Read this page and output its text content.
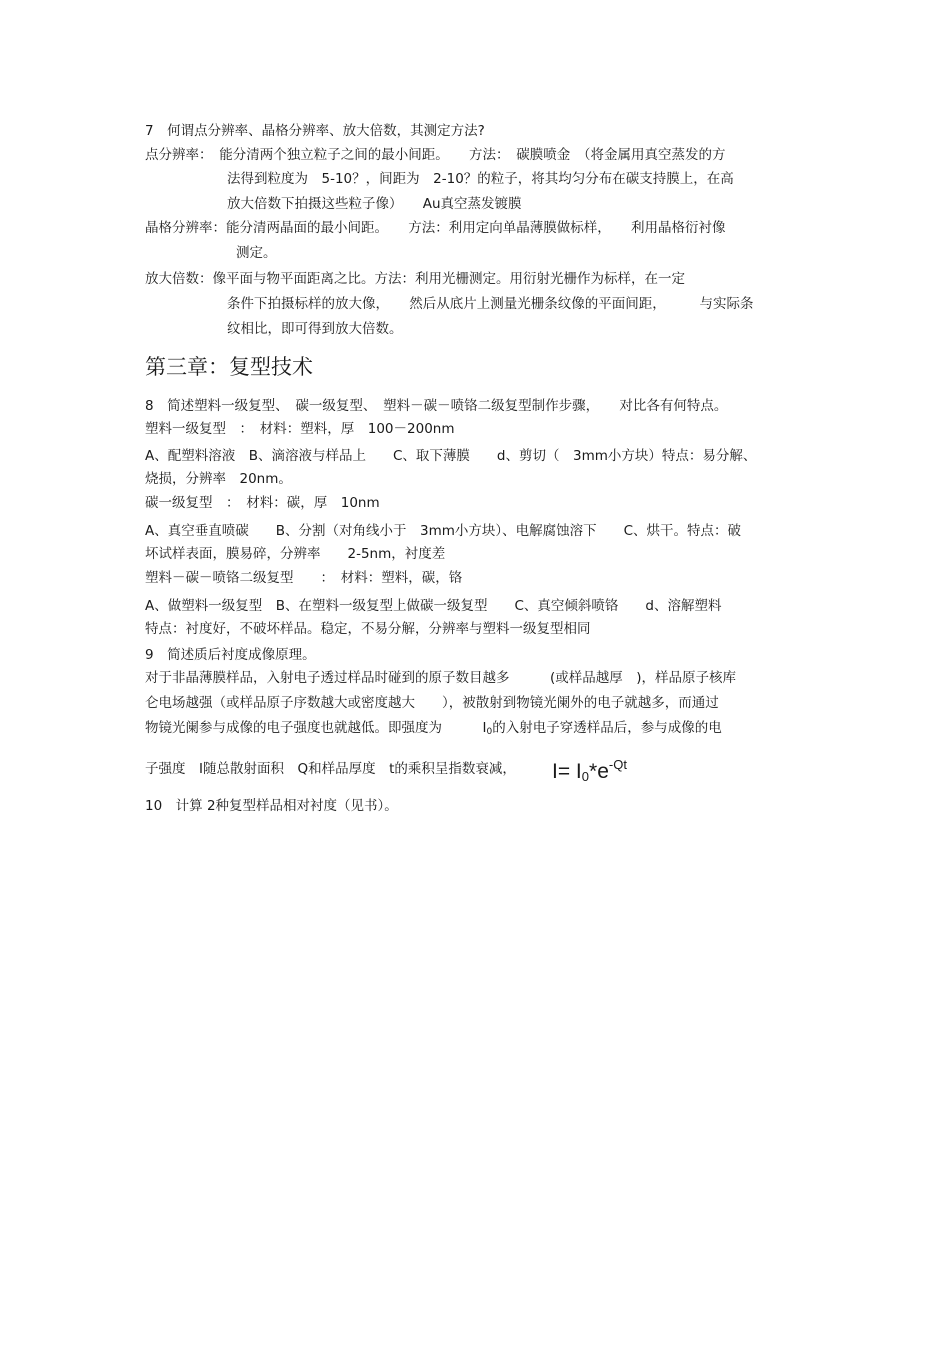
7　何谓点分辨率、晶格分辨率、放大倍数，其测定方法?
点分辨率：　能分清两个独立粒子之间的最小间距。　　方法：　碳膜喷金　（将金属用真空蒸发的方
法得到粒度为　5-10？，间距为　2-10？的粒子，将其均匀分布在碳支持膜上，在高
放大倍数下拍摄这些粒子像）　　Au真空蒸发镀膜
晶格分辨率：能分清两晶面的最小间距。　　方法：利用定向单晶薄膜做标样，　　利用晶格衍衬像
测定。
放大倍数：像平面与物平面距离之比。方法：利用光栅测定。用衍射光栅作为标样，在一定
条件下拍摄标样的放大像，　　然后从底片上测量光栅条纹像的平面间距，　　　与实际条
纹相比，即可得到放大倍数。
第三章：复型技术
8　简述塑料一级复型、　碳一级复型、　塑料－碳－喷铬二级复型制作步骤，　　对比各有何特点。
塑料一级复型　：　材料：塑料，厚　100－200nm
A、配塑料溶液　B、滴溶液与样品上　　C、取下薄膜　　d、剪切（　3mm小方块）特点：易分解、
烧损，分辨率　20nm。
碳一级复型　：　材料：碳，厚　10nm
A、真空垂直喷碳　　B、分割（对角线小于　3mm小方块）、电解腐蚀溶下　　C、烘干。特点：破
坏试样表面，膜易碎，分辨率　　2-5nm，衬度差
塑料－碳－喷铬二级复型　　：　材料：塑料，碳，铬
A、做塑料一级复型　B、在塑料一级复型上做碳一级复型　　C、真空倾斜喷铬　　d、溶解塑料
特点：衬度好，不破坏样品。稳定，不易分解，分辨率与塑料一级复型相同
9　简述质后衬度成像原理。
对于非晶薄膜样品，入射电子透过样品时碰到的原子数目越多　　　(或样品越厚　)，样品原子核库
仑电场越强（或样品原子序数越大或密度越大　　），被散射到物镜光阑外的电子就越多，而通过
物镜光阑参与成像的电子强度也就越低。即强度为　　　$I_0$的入射电子穿透样品后，参与成像的电
子强度　I随总散射面积　Q和样品厚度　t的乘积呈指数衰减， $I= I_0*e^{-Qt}$
10　计算 2种复型样品相对衬度（见书）。
